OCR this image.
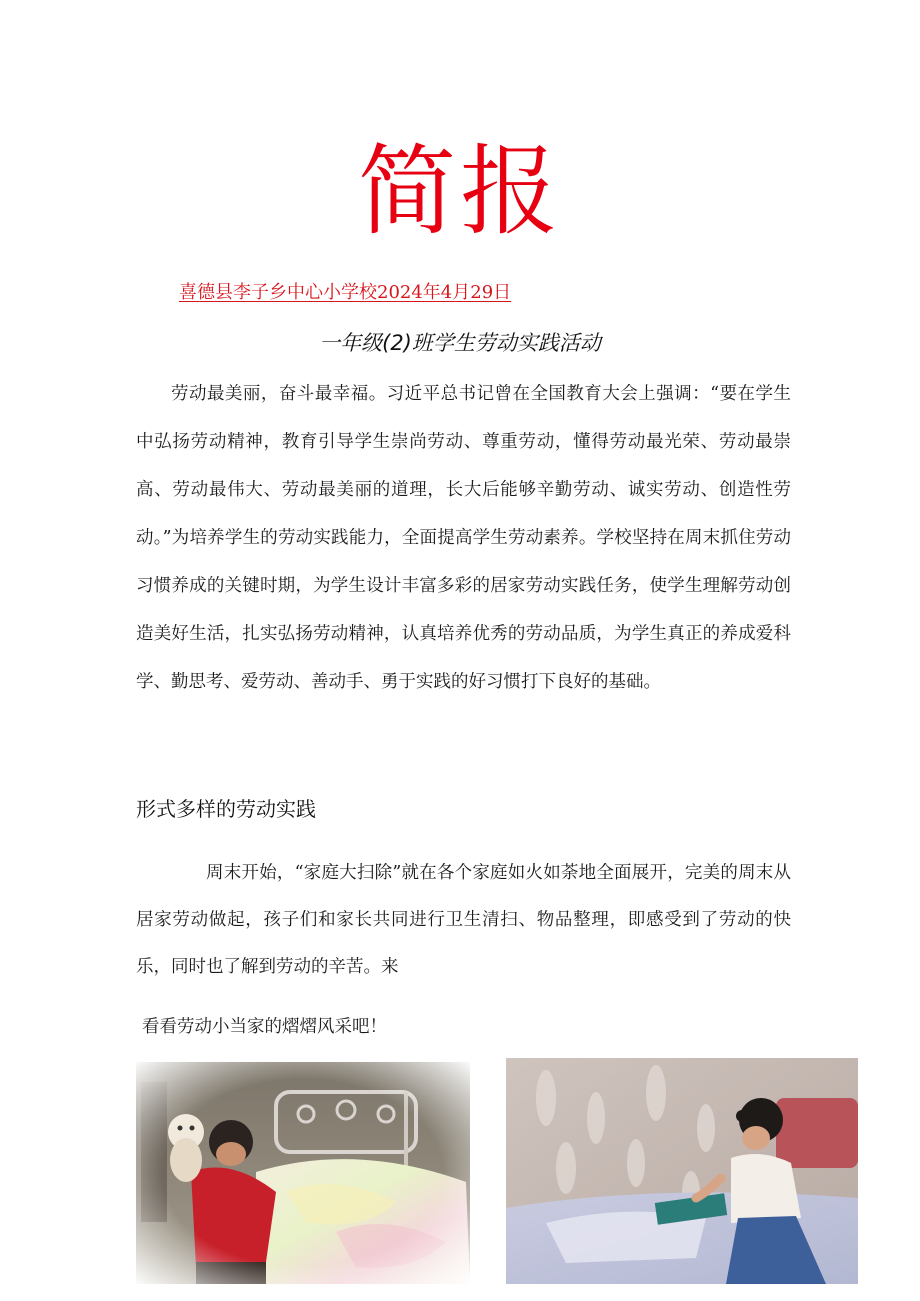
简报
喜德县李子乡中心小学校2024年4月29日
一年级(2)班学生劳动实践活动

劳动最美丽，奋斗最幸福。习近平总书记曾在全国教育大会上强调：“要在学生中弘扬劳动精神，教育引导学生崇尚劳动、尊重劳动，懂得劳动最光荣、劳动最崇高、劳动最伟大、劳动最美丽的道理，长大后能够辛勤劳动、诚实劳动、创造性劳动。”为培养学生的劳动实践能力，全面提高学生劳动素养。学校坚持在周末抓住劳动习惯养成的关键时期，为学生设计丰富多彩的居家劳动实践任务，使学生理解劳动创造美好生活，扎实弘扬劳动精神，认真培养优秀的劳动品质，为学生真正的养成爱科学、勤思考、爱劳动、善动手、勇于实践的好习惯打下良好的基础。

形式多样的劳动实践

周末开始，“家庭大扫除”就在各个家庭如火如荼地全面展开，完美的周末从居家劳动做起，孩子们和家长共同进行卫生清扫、物品整理，即感受到了劳动的快乐，同时也了解到劳动的辛苦。来

看看劳动小当家的熠熠风采吧！
